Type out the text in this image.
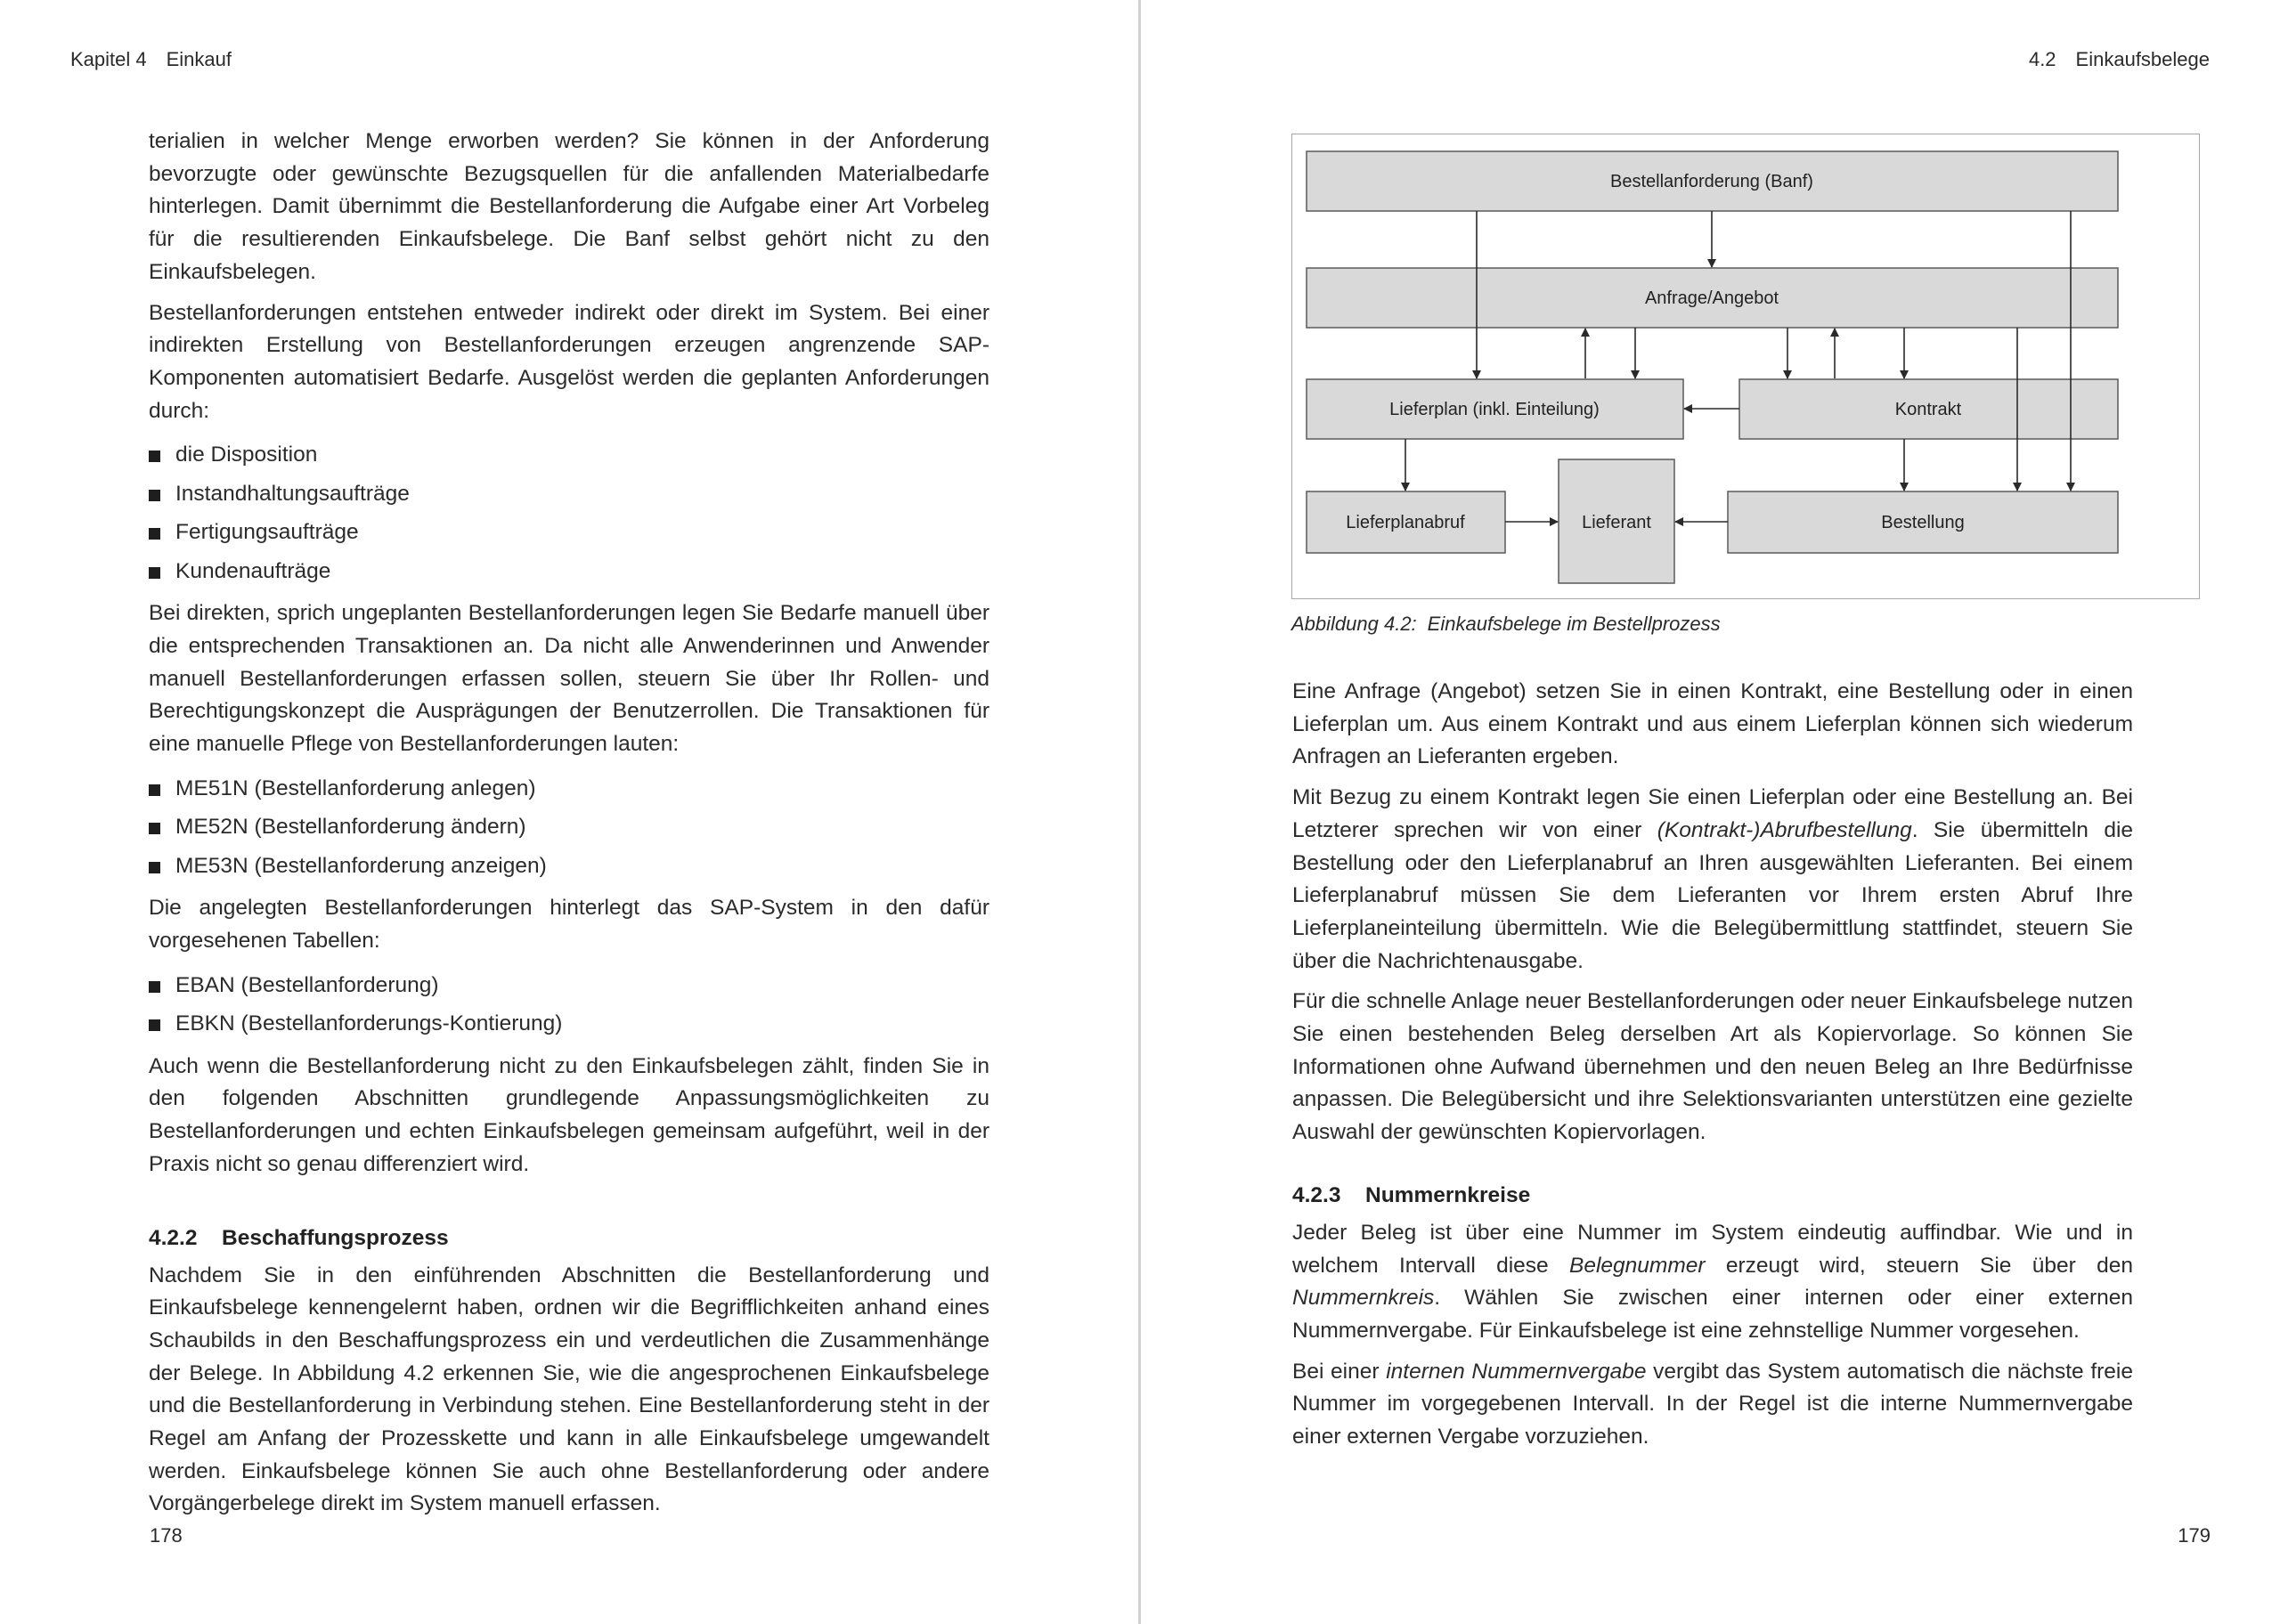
Kapitel 4 Einkauf

terialien in welcher Menge erworben werden? Sie können in der Anforderung bevorzugte oder gewünschte Bezugsquellen für die anfallenden Materialbedarfe hinterlegen. Damit übernimmt die Bestellanforderung die Aufgabe einer Art Vorbeleg für die resultierenden Einkaufsbelege. Die Banf selbst gehört nicht zu den Einkaufsbelegen.

Bestellanforderungen entstehen entweder indirekt oder direkt im System. Bei einer indirekten Erstellung von Bestellanforderungen erzeugen angrenzende SAP-Komponenten automatisiert Bedarfe. Ausgelöst werden die geplanten Anforderungen durch:

die Disposition
Instandhaltungsaufträge
Fertigungsaufträge
Kundenaufträge

Bei direkten, sprich ungeplanten Bestellanforderungen legen Sie Bedarfe manuell über die entsprechenden Transaktionen an. Da nicht alle Anwenderinnen und Anwender manuell Bestellanforderungen erfassen sollen, steuern Sie über Ihr Rollen- und Berechtigungskonzept die Ausprägungen der Benutzerrollen. Die Transaktionen für eine manuelle Pflege von Bestellanforderungen lauten:

ME51N (Bestellanforderung anlegen)
ME52N (Bestellanforderung ändern)
ME53N (Bestellanforderung anzeigen)

Die angelegten Bestellanforderungen hinterlegt das SAP-System in den dafür vorgesehenen Tabellen:

EBAN (Bestellanforderung)
EBKN (Bestellanforderungs-Kontierung)

Auch wenn die Bestellanforderung nicht zu den Einkaufsbelegen zählt, finden Sie in den folgenden Abschnitten grundlegende Anpassungsmöglichkeiten zu Bestellanforderungen und echten Einkaufsbelegen gemeinsam aufgeführt, weil in der Praxis nicht so genau differenziert wird.

4.2.2 Beschaffungsprozess

Nachdem Sie in den einführenden Abschnitten die Bestellanforderung und Einkaufsbelege kennengelernt haben, ordnen wir die Begrifflichkeiten anhand eines Schaubilds in den Beschaffungsprozess ein und verdeutlichen die Zusammenhänge der Belege. In Abbildung 4.2 erkennen Sie, wie die angesprochenen Einkaufsbelege und die Bestellanforderung in Verbindung stehen. Eine Bestellanforderung steht in der Regel am Anfang der Prozesskette und kann in alle Einkaufsbelege umgewandelt werden. Einkaufsbelege können Sie auch ohne Bestellanforderung oder andere Vorgängerbelege direkt im System manuell erfassen.

178
4.2 Einkaufsbelege

Eine Anfrage (Angebot) setzen Sie in einen Kontrakt, eine Bestellung oder in einen Lieferplan um. Aus einem Kontrakt und aus einem Lieferplan können sich wiederum Anfragen an Lieferanten ergeben.

Mit Bezug zu einem Kontrakt legen Sie einen Lieferplan oder eine Bestellung an. Bei Letzterer sprechen wir von einer (Kontrakt-)Abrufbestellung. Sie übermitteln die Bestellung oder den Lieferplanabruf an Ihren ausgewählten Lieferanten. Bei einem Lieferplanabruf müssen Sie dem Lieferanten vor Ihrem ersten Abruf Ihre Lieferplaneinteilung übermitteln. Wie die Belegübermittlung stattfindet, steuern Sie über die Nachrichtenausgabe.

Für die schnelle Anlage neuer Bestellanforderungen oder neuer Einkaufsbelege nutzen Sie einen bestehenden Beleg derselben Art als Kopiervorlage. So können Sie Informationen ohne Aufwand übernehmen und den neuen Beleg an Ihre Bedürfnisse anpassen. Die Belegübersicht und ihre Selektionsvarianten unterstützen eine gezielte Auswahl der gewünschten Kopiervorlagen.

4.2.3 Nummernkreise

Jeder Beleg ist über eine Nummer im System eindeutig auffindbar. Wie und in welchem Intervall diese Belegnummer erzeugt wird, steuern Sie über den Nummernkreis. Wählen Sie zwischen einer internen oder einer externen Nummernvergabe. Für Einkaufsbelege ist eine zehnstellige Nummer vorgesehen.

Bei einer internen Nummernvergabe vergibt das System automatisch die nächste freie Nummer im vorgegebenen Intervall. In der Regel ist die interne Nummernvergabe einer externen Vergabe vorzuziehen.

179
Bestellanforderung (Banf)
Anfrage/Angebot
Lieferplan (inkl. Einteilung)	Kontrakt
Lieferplanabruf	Lieferant	Bestellung
Abbildung 4.2: Einkaufsbelege im Bestellprozess
